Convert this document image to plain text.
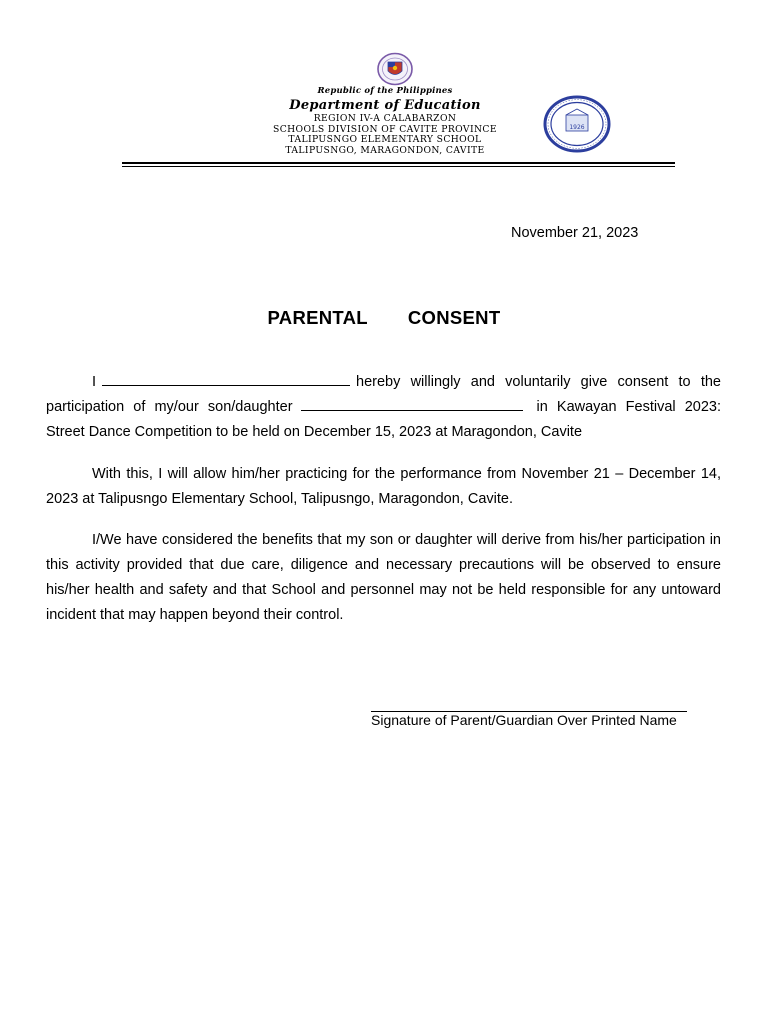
Republic of the Philippines
Department of Education
REGION IV-A CALABARZON
SCHOOLS DIVISION OF CAVITE PROVINCE
TALIPUSNGO ELEMENTARY SCHOOL
TALIPUSNGO, MARAGONDON, CAVITE
1926
November 21, 2023
PARENTAL   CONSENT
I	hereby willingly and voluntarily give consent to the participation of my/our son/daughter	in Kawayan Festival 2023: Street Dance Competition to be held on December 15, 2023 at Maragondon, Cavite
With this, I will allow him/her practicing for the performance from November 21 – December 14, 2023 at Talipusngo Elementary School, Talipusngo, Maragondon, Cavite.
I/We have considered the benefits that my son or daughter will derive from his/her participation in this activity provided that due care, diligence and necessary precautions will be observed to ensure his/her health and safety and that School and personnel may not be held responsible for any untoward incident that may happen beyond their control.
Signature of Parent/Guardian Over Printed Name
